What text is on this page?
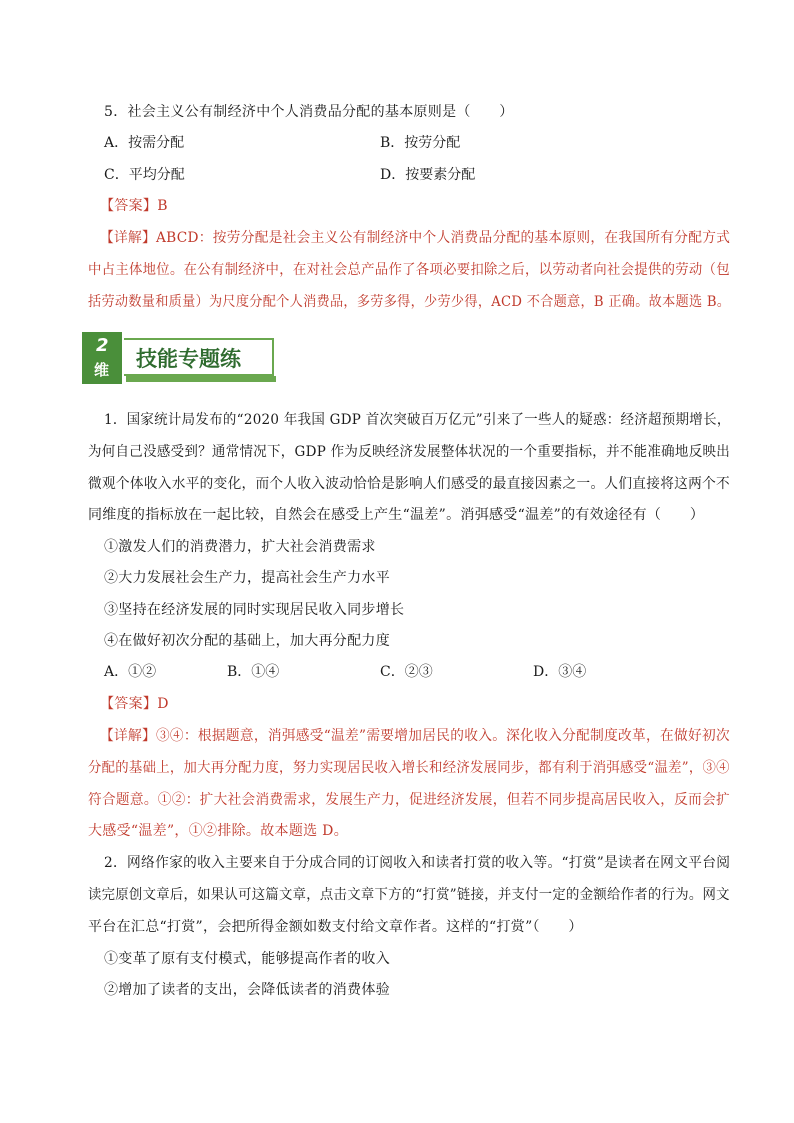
5．社会主义公有制经济中个人消费品分配的基本原则是（　　）
A．按需分配	B．按劳分配
C．平均分配	D．按要素分配
【答案】B
【详解】ABCD：按劳分配是社会主义公有制经济中个人消费品分配的基本原则，在我国所有分配方式
中占主体地位。在公有制经济中，在对社会总产品作了各项必要扣除之后，以劳动者向社会提供的劳动（包
括劳动数量和质量）为尺度分配个人消费品，多劳多得，少劳少得，ACD 不合题意，B 正确。故本题选 B。
2
维	技能专题练
1．国家统计局发布的“2020 年我国 GDP 首次突破百万亿元”引来了一些人的疑惑：经济超预期增长，
为何自己没感受到？通常情况下，GDP 作为反映经济发展整体状况的一个重要指标，并不能准确地反映出
微观个体收入水平的变化，而个人收入波动恰恰是影响人们感受的最直接因素之一。人们直接将这两个不
同维度的指标放在一起比较，自然会在感受上产生“温差”。消弭感受“温差”的有效途径有（　　）
①激发人们的消费潜力，扩大社会消费需求
②大力发展社会生产力，提高社会生产力水平
③坚持在经济发展的同时实现居民收入同步增长
④在做好初次分配的基础上，加大再分配力度
A．①②	B．①④	C．②③	D．③④
【答案】D
【详解】③④：根据题意，消弭感受“温差”需要增加居民的收入。深化收入分配制度改革，在做好初次
分配的基础上，加大再分配力度，努力实现居民收入增长和经济发展同步，都有利于消弭感受“温差”，③④
符合题意。①②：扩大社会消费需求，发展生产力，促进经济发展，但若不同步提高居民收入，反而会扩
大感受“温差”，①②排除。故本题选 D。
2．网络作家的收入主要来自于分成合同的订阅收入和读者打赏的收入等。“打赏”是读者在网文平台阅
读完原创文章后，如果认可这篇文章，点击文章下方的“打赏”链接，并支付一定的金额给作者的行为。网文
平台在汇总“打赏”，会把所得金额如数支付给文章作者。这样的“打赏”（　　）
①变革了原有支付模式，能够提高作者的收入
②增加了读者的支出，会降低读者的消费体验
